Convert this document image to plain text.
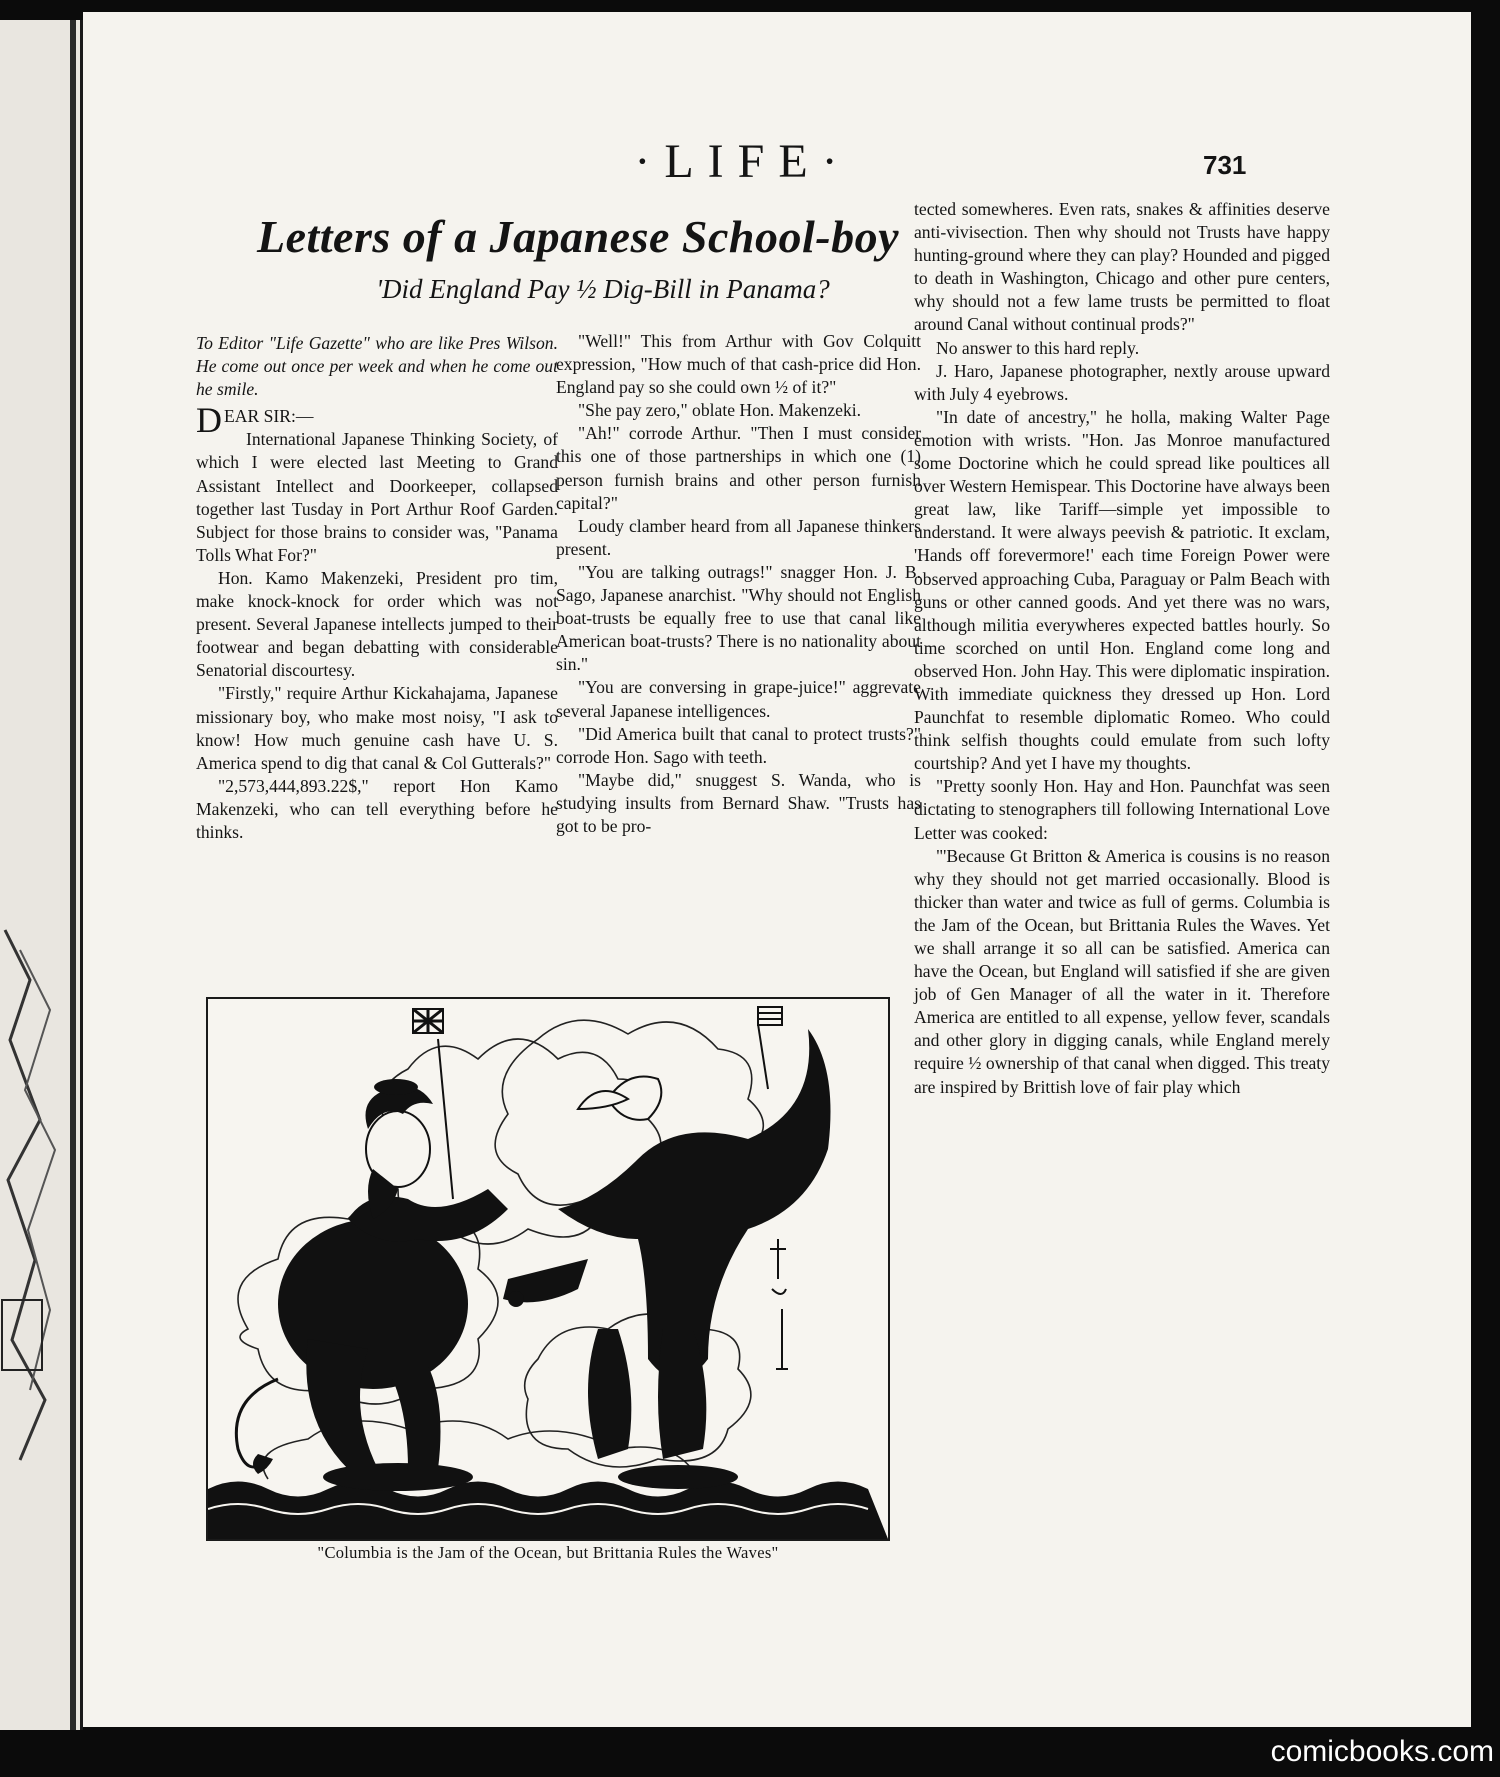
·LIFE·	731
Letters of a Japanese School-boy
'Did England Pay ½ Dig-Bill in Panama?

To Editor "Life Gazette" who are like Pres Wilson. He come out once per week and when he come out he smile.

DEAR SIR:—

International Japanese Thinking Society, of which I were elected last Meeting to Grand Assistant Intellect and Doorkeeper, collapsed together last Tusday in Port Arthur Roof Garden. Subject for those brains to consider was, "Panama Tolls What For?"

Hon. Kamo Makenzeki, President pro tim, make knock-knock for order which was not present. Several Japanese intellects jumped to their footwear and began debatting with considerable Senatorial discourtesy.

"Firstly," require Arthur Kickahajama, Japanese missionary boy, who make most noisy, "I ask to know! How much genuine cash have U. S. America spend to dig that canal & Col Gutterals?"

"2,573,444,893.22$," report Hon Kamo Makenzeki, who can tell everything before he thinks.

"Well!" This from Arthur with Gov Colquitt expression, "How much of that cash-price did Hon. England pay so she could own ½ of it?"

"She pay zero," oblate Hon. Makenzeki.

"Ah!" corrode Arthur. "Then I must consider this one of those partnerships in which one (1) person furnish brains and other person furnish capital?"

Loudy clamber heard from all Japanese thinkers present.

"You are talking outrags!" snagger Hon. J. B. Sago, Japanese anarchist. "Why should not English boat-trusts be equally free to use that canal like American boat-trusts? There is no nationality about sin."

"You are conversing in grape-juice!" aggrevate several Japanese intelligences.

"Did America built that canal to protect trusts?" corrode Hon. Sago with teeth.

"Maybe did," snuggest S. Wanda, who is studying insults from Bernard Shaw. "Trusts has got to be pro-

tected somewheres. Even rats, snakes & affinities deserve anti-vivisection. Then why should not Trusts have happy hunting-ground where they can play? Hounded and pigged to death in Washington, Chicago and other pure centers, why should not a few lame trusts be permitted to float around Canal without continual prods?"

No answer to this hard reply.

J. Haro, Japanese photographer, nextly arouse upward with July 4 eyebrows.

"In date of ancestry," he holla, making Walter Page emotion with wrists. "Hon. Jas Monroe manufactured some Doctorine which he could spread like poultices all over Western Hemispear. This Doctorine have always been great law, like Tariff—simple yet impossible to understand. It were always peevish & patriotic. It exclam, 'Hands off forevermore!' each time Foreign Power were observed approaching Cuba, Paraguay or Palm Beach with guns or other canned goods. And yet there was no wars, although militia everywheres expected battles hourly. So time scorched on until Hon. England come long and observed Hon. John Hay. This were diplomatic inspiration. With immediate quickness they dressed up Hon. Lord Paunchfat to resemble diplomatic Romeo. Who could think selfish thoughts could emulate from such lofty courtship? And yet I have my thoughts.

"Pretty soonly Hon. Hay and Hon. Paunchfat was seen dictating to stenographers till following International Love Letter was cooked:

"'Because Gt Britton & America is cousins is no reason why they should not get married occasionally. Blood is thicker than water and twice as full of germs. Columbia is the Jam of the Ocean, but Brittania Rules the Waves. Yet we shall arrange it so all can be satisfied. America can have the Ocean, but England will satisfied if she are given job of Gen Manager of all the water in it. Therefore America are entitled to all expense, yellow fever, scandals and other glory in digging canals, while England merely require ½ ownership of that canal when digged. This treaty are inspired by Brittish love of fair play which

"Columbia is the Jam of the Ocean, but Brittania Rules the Waves"
comicbooks.com
